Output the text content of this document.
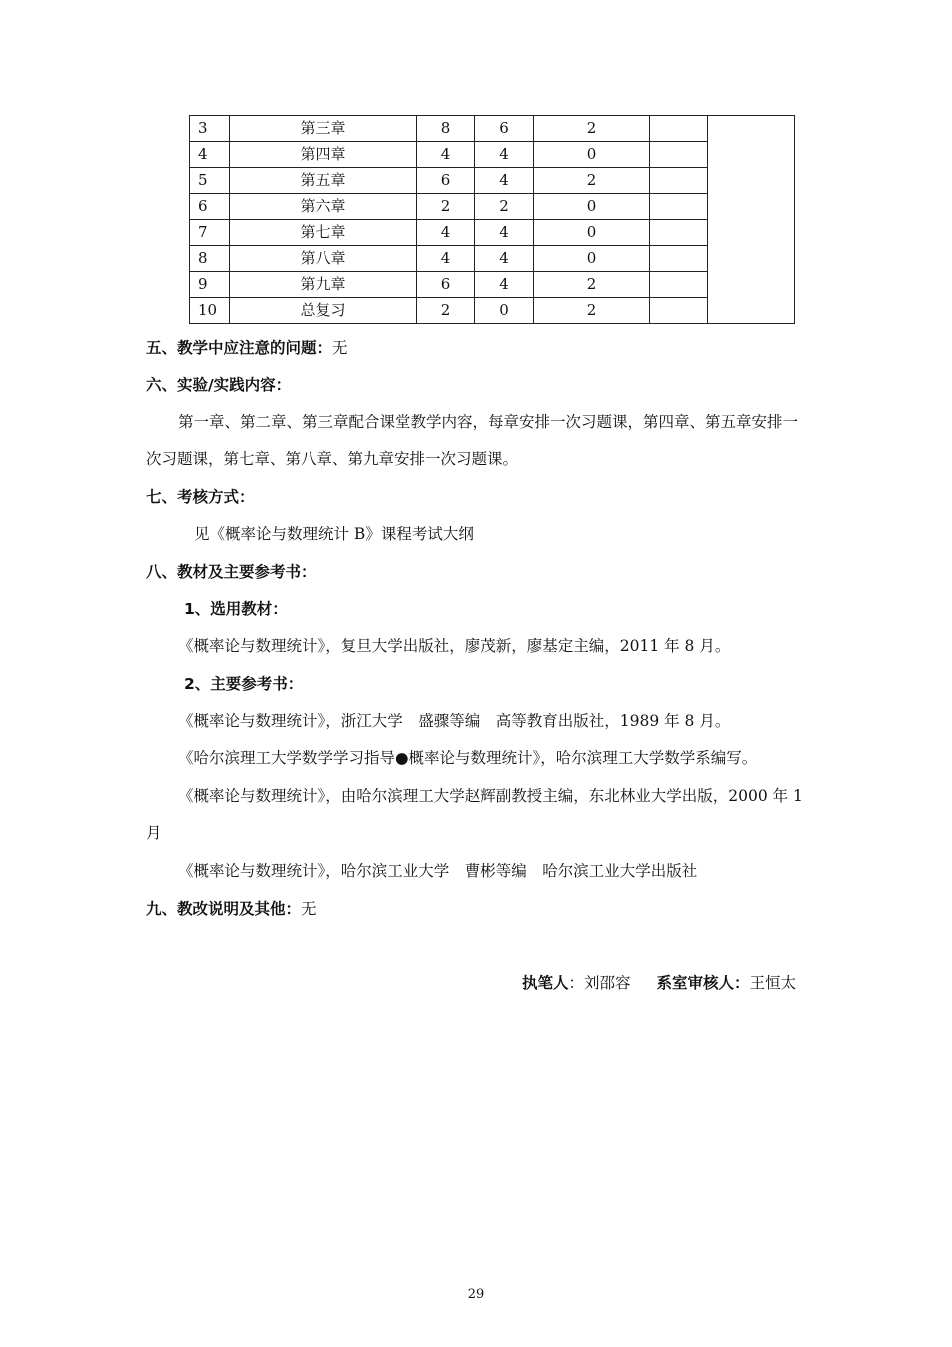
3	第三章	8	6	2		
4	第四章	4	4	0		
5	第五章	6	4	2		
6	第六章	2	2	0		
7	第七章	4	4	0		
8	第八章	4	4	0		
9	第九章	6	4	2		
10	总复习	2	0	2		
五、教学中应注意的问题：无
六、实验/实践内容：
第一章、第二章、第三章配合课堂教学内容，每章安排一次习题课，第四章、第五章安排一
次习题课，第七章、第八章、第九章安排一次习题课。
七、考核方式：
见《概率论与数理统计 B》课程考试大纲
八、教材及主要参考书：
1、选用教材：
《概率论与数理统计》，复旦大学出版社，廖茂新，廖基定主编，2011 年 8 月。
2、主要参考书：
《概率论与数理统计》，浙江大学　盛骤等编　高等教育出版社，1989 年 8 月。
《哈尔滨理工大学数学学习指导●概率论与数理统计》，哈尔滨理工大学数学系编写。
《概率论与数理统计》，由哈尔滨理工大学赵辉副教授主编，东北林业大学出版，2000 年 1
月
《概率论与数理统计》，哈尔滨工业大学　曹彬等编　哈尔滨工业大学出版社
九、教改说明及其他：无
执笔人：刘邵容 系室审核人：王恒太
29
